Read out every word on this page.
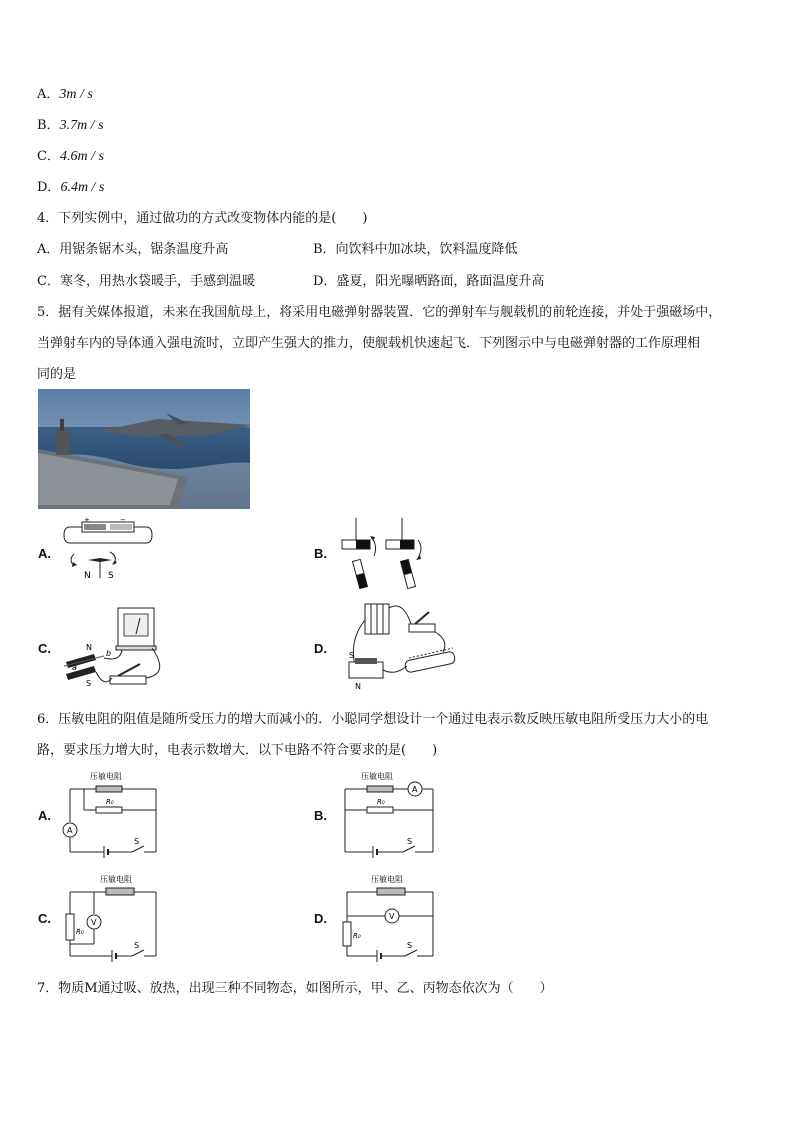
A．3m / s
B．3.7m / s
C．4.6m / s
D．6.4m / s
4．下列实例中，通过做功的方式改变物体内能的是(　　)
A．用锯条锯木头，锯条温度升高	B．向饮料中加冰块，饮料温度降低
C．寒冬，用热水袋暖手，手感到温暖	D．盛夏，阳光曝晒路面，路面温度升高
5．据有关媒体报道，未来在我国航母上，将采用电磁弹射器装置．它的弹射车与舰载机的前轮连接，并处于强磁场中，
当弹射车内的导体通入强电流时，立即产生强大的推力，使舰载机快速起飞．下列图示中与电磁弹射器的工作原理相
同的是
A.	B.
C.	D.
+	−
N S
N
S
a
b	S
N
6．压敏电阻的阻值是随所受压力的增大而减小的．小聪同学想设计一个通过电表示数反映压敏电阻所受压力大小的电
路，要求压力增大时，电表示数增大．以下电路不符合要求的是(　　)
A.	B.
C.	D.
压敏电阻
R₀
A
S
压敏电阻
A
R₀
S
压敏电阻
R₀
V
S
压敏电阻
V
R₀
S
7．物质M通过吸、放热，出现三种不同物态，如图所示，甲、乙、丙物态依次为（　　）
